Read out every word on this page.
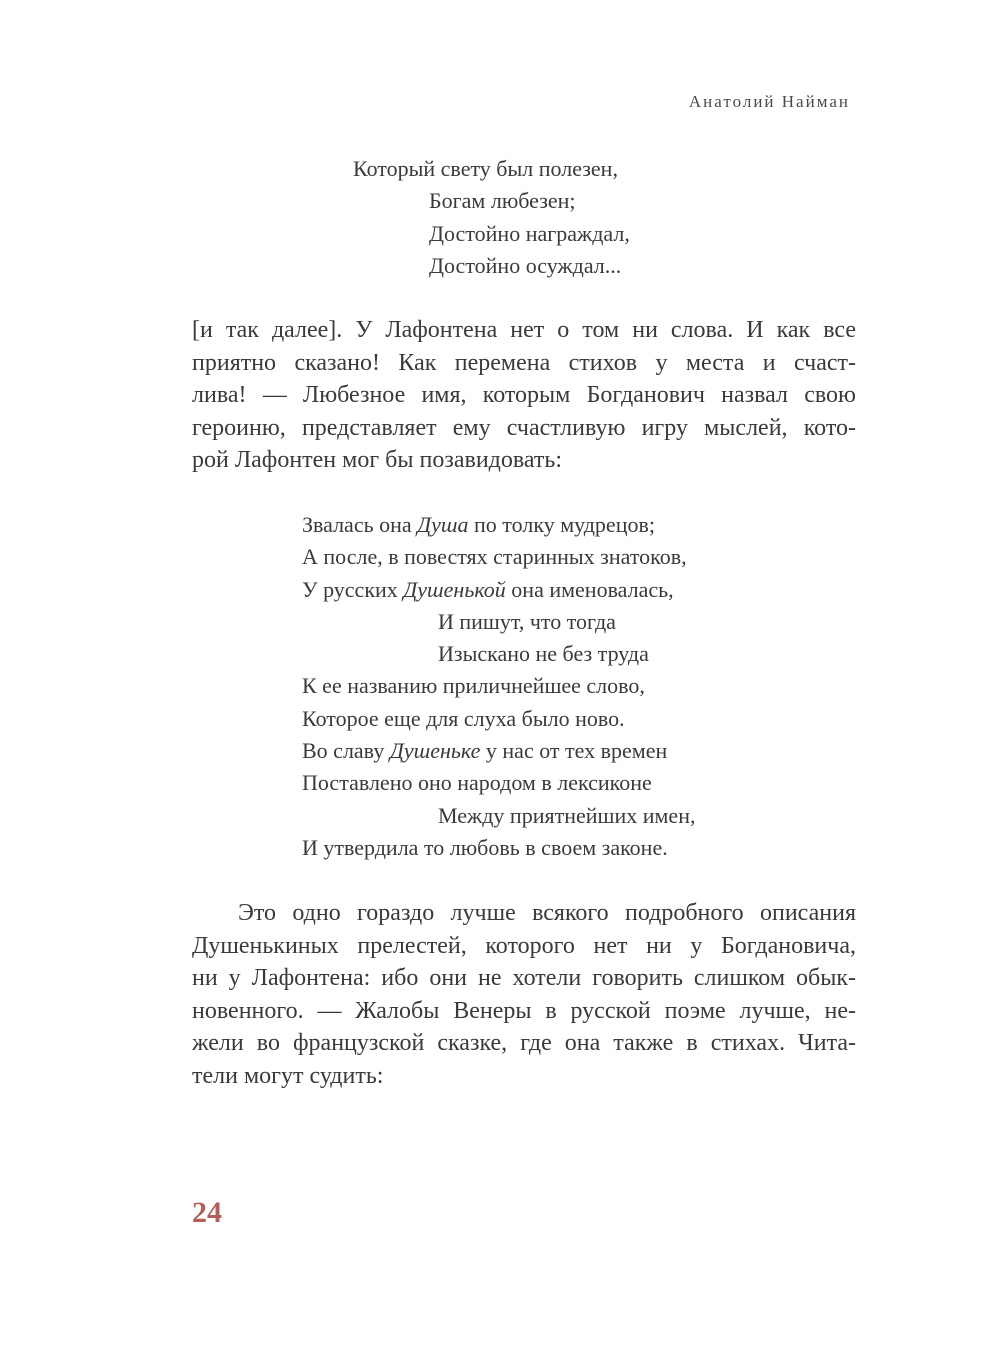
Анатолий Найман
Который свету был полезен,
Богам любезен;
Достойно награждал,
Достойно осуждал...

[и так далее]. У Лафонтена нет о том ни слова. И как все
приятно сказано! Как перемена стихов у места и счаст-
лива! — Любезное имя, которым Богданович назвал свою
героиню, представляет ему счастливую игру мыслей, кото-
рой Лафонтен мог бы позавидовать:

Звалась она Душа по толку мудрецов;
А после, в повестях старинных знатоков,
У русских Душенькой она именовалась,
И пишут, что тогда
Изыскано не без труда
К ее названию приличнейшее слово,
Которое еще для слуха было ново.
Во славу Душеньке у нас от тех времен
Поставлено оно народом в лексиконе
Между приятнейших имен,
И утвердила то любовь в своем законе.

Это одно гораздо лучше всякого подробного описания
Душенькиных прелестей, которого нет ни у Богдановича,
ни у Лафонтена: ибо они не хотели говорить слишком обык-
новенного. — Жалобы Венеры в русской поэме лучше, не-
жели во французской сказке, где она также в стихах. Чита-
тели могут судить:

24
